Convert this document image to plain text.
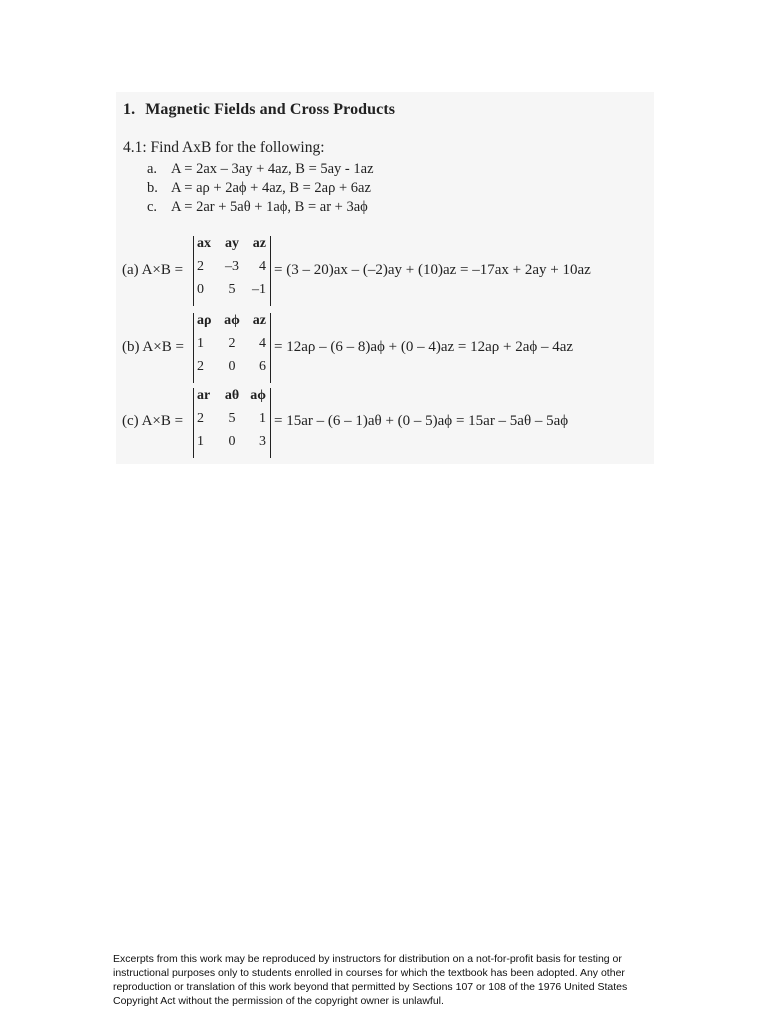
1. Magnetic Fields and Cross Products
4.1: Find AxB for the following:
a. A = 2ax – 3ay + 4az, B = 5ay - 1az
b. A = aρ + 2aϕ + 4az, B = 2aρ + 6az
c. A = 2ar + 5aθ + 1aϕ, B = ar + 3aϕ
(a) A×B =
ax	ay az
2	–3	4
0	5	–1
= (3 – 20)ax – (–2)ay + (10)az = –17ax + 2ay + 10az
(b) A×B =
aρ aϕ az
1	2	4
2	0	6
= 12aρ – (6 – 8)aϕ + (0 – 4)az = 12aρ + 2aϕ – 4az
(c) A×B =
ar	aθ aϕ
2	5	1
1	0	3
= 15ar – (6 – 1)aθ + (0 – 5)aϕ = 15ar – 5aθ – 5aϕ
Excerpts from this work may be reproduced by instructors for distribution on a not-for-profit basis for testing or instructional purposes only to students enrolled in courses for which the textbook has been adopted. Any other reproduction or translation of this work beyond that permitted by Sections 107 or 108 of the 1976 United States Copyright Act without the permission of the copyright owner is unlawful.
